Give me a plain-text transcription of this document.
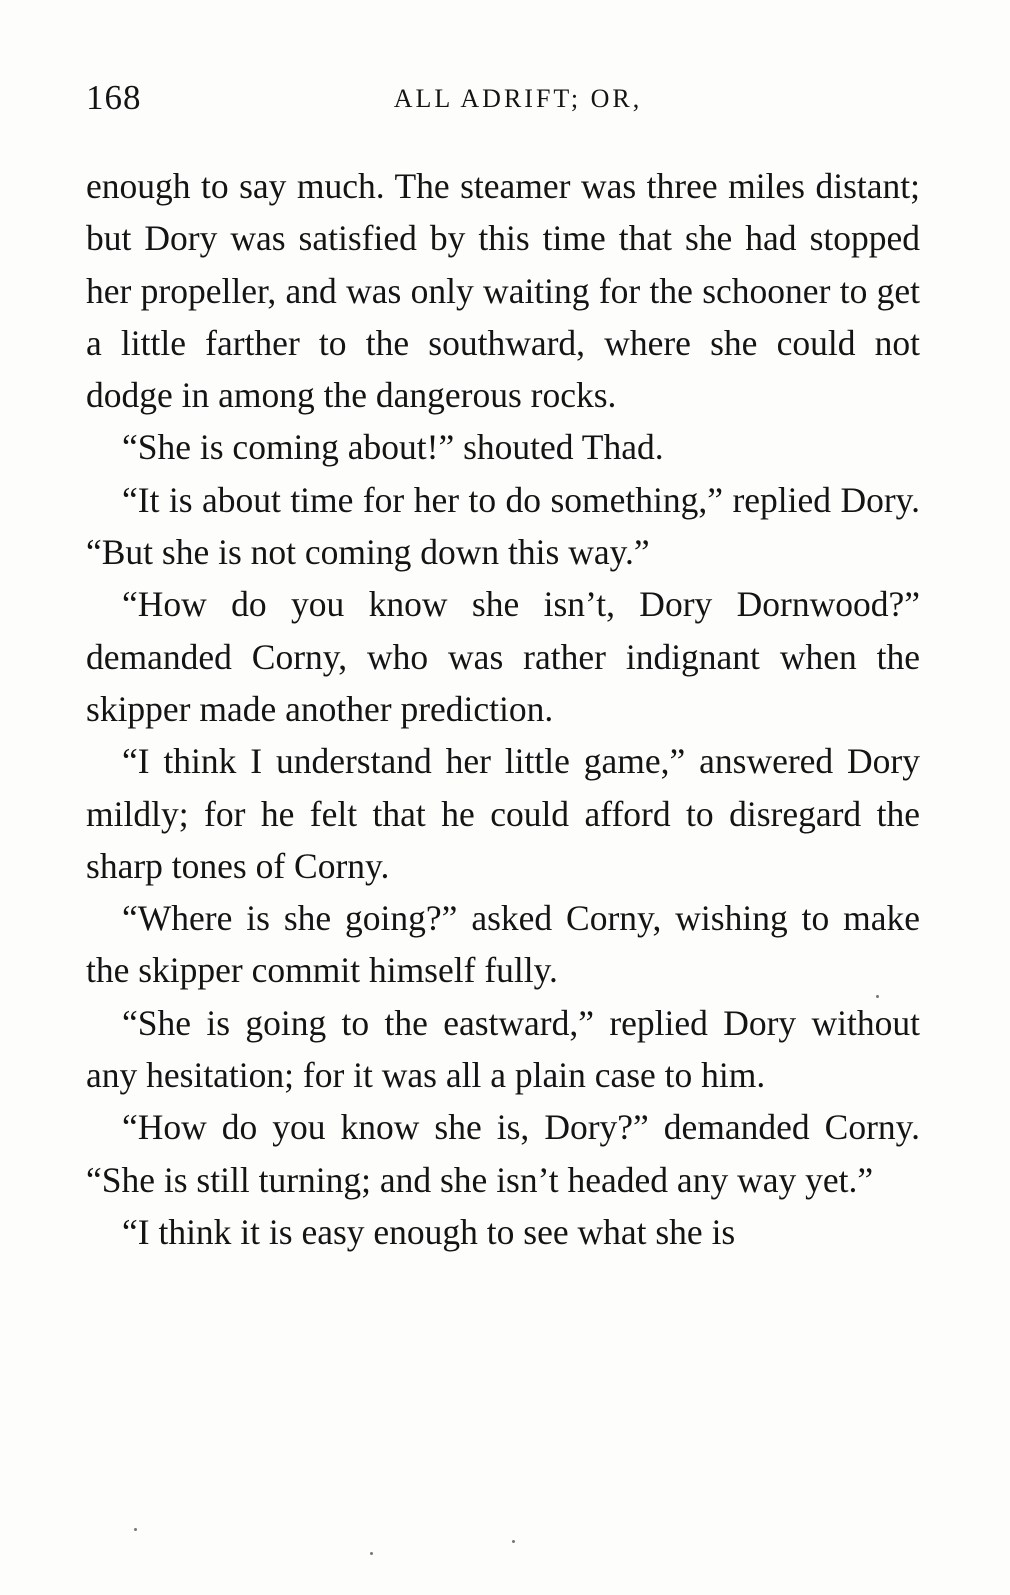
168	ALL ADRIFT; OR,

enough to say much. The steamer was three miles distant; but Dory was satisfied by this time that she had stopped her propeller, and was only waiting for the schooner to get a little farther to the southward, where she could not dodge in among the dangerous rocks.

“She is coming about!” shouted Thad.

“It is about time for her to do something,” replied Dory. “But she is not coming down this way.”

“How do you know she isn’t, Dory Dornwood?” demanded Corny, who was rather indignant when the skipper made another prediction.

“I think I understand her little game,” answered Dory mildly; for he felt that he could afford to disregard the sharp tones of Corny.

“Where is she going?” asked Corny, wishing to make the skipper commit himself fully.

“She is going to the eastward,” replied Dory without any hesitation; for it was all a plain case to him.

“How do you know she is, Dory?” demanded Corny. “She is still turning; and she isn’t headed any way yet.”

“I think it is easy enough to see what she is
